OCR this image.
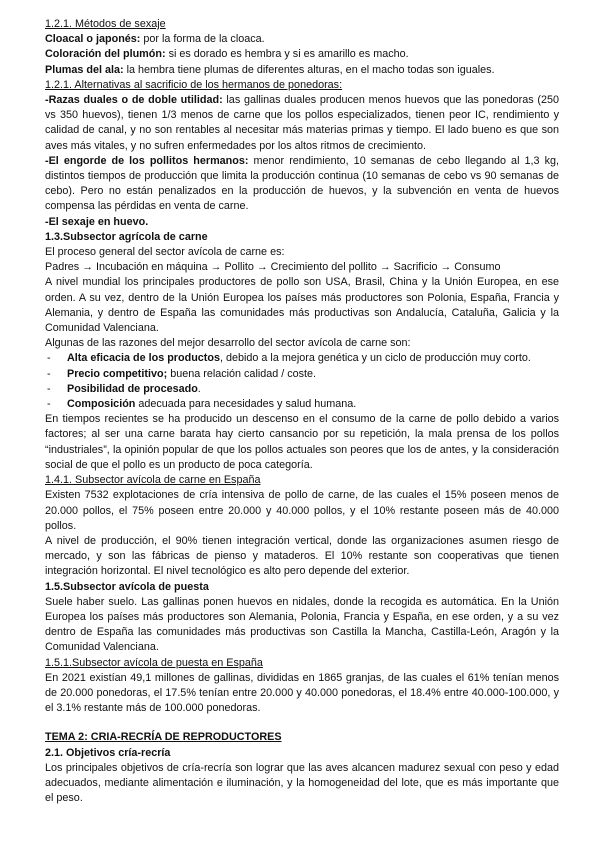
1.2.1. Métodos de sexaje

Cloacal o japonés: por la forma de la cloaca.

Coloración del plumón: si es dorado es hembra y si es amarillo es macho.

Plumas del ala: la hembra tiene plumas de diferentes alturas, en el macho todas son iguales.

1.2.1. Alternativas al sacrificio de los hermanos de ponedoras:

-Razas duales o de doble utilidad: las gallinas duales producen menos huevos que las ponedoras (250 vs 350 huevos), tienen 1/3 menos de carne que los pollos especializados, tienen peor IC, rendimiento y calidad de canal, y no son rentables al necesitar más materias primas y tiempo. El lado bueno es que son aves más vitales, y no sufren enfermedades por los altos ritmos de crecimiento.

-El engorde de los pollitos hermanos: menor rendimiento, 10 semanas de cebo llegando al 1,3 kg, distintos tiempos de producción que limita la producción continua (10 semanas de cebo vs 90 semanas de cebo). Pero no están penalizados en la producción de huevos, y la subvención en venta de huevos compensa las pérdidas en venta de carne.

-El sexaje en huevo.

1.3.Subsector agrícola de carne

El proceso general del sector avícola de carne es:

Padres → Incubación en máquina → Pollito → Crecimiento del pollito → Sacrificio → Consumo

A nivel mundial los principales productores de pollo son USA, Brasil, China y la Unión Europea, en ese orden. A su vez, dentro de la Unión Europea los países más productores son Polonia, España, Francia y Alemania, y dentro de España las comunidades más productivas son Andalucía, Cataluña, Galicia y la Comunidad Valenciana.

Algunas de las razones del mejor desarrollo del sector avícola de carne son:

- Alta eficacia de los productos, debido a la mejora genética y un ciclo de producción muy corto.

- Precio competitivo; buena relación calidad / coste.

- Posibilidad de procesado.

- Composición adecuada para necesidades y salud humana.

En tiempos recientes se ha producido un descenso en el consumo de la carne de pollo debido a varios factores; al ser una carne barata hay cierto cansancio por su repetición, la mala prensa de los pollos “industriales”, la opinión popular de que los pollos actuales son peores que los de antes, y la consideración social de que el pollo es un producto de poca categoría.

1.4.1. Subsector avícola de carne en España

Existen 7532 explotaciones de cría intensiva de pollo de carne, de las cuales el 15% poseen menos de 20.000 pollos, el 75% poseen entre 20.000 y 40.000 pollos, y el 10% restante poseen más de 40.000 pollos.

A nivel de producción, el 90% tienen integración vertical, donde las organizaciones asumen riesgo de mercado, y son las fábricas de pienso y mataderos. El 10% restante son cooperativas que tienen integración horizontal. El nivel tecnológico es alto pero depende del exterior.

1.5.Subsector avícola de puesta

Suele haber suelo. Las gallinas ponen huevos en nidales, donde la recogida es automática. En la Unión Europea los países más productores son Alemania, Polonia, Francia y España, en ese orden, y a su vez dentro de España las comunidades más productivas son Castilla la Mancha, Castilla-León, Aragón y la Comunidad Valenciana.

1.5.1.Subsector avícola de puesta en España

En 2021 existían 49,1 millones de gallinas, divididas en 1865 granjas, de las cuales el 61% tenían menos de 20.000 ponedoras, el 17.5% tenían entre 20.000 y 40.000 ponedoras, el 18.4% entre 40.000-100.000, y el 3.1% restante más de 100.000 ponedoras.

TEMA 2: CRIA-RECRÍA DE REPRODUCTORES

2.1. Objetivos cría-recría

Los principales objetivos de cría-recría son lograr que las aves alcancen madurez sexual con peso y edad adecuados, mediante alimentación e iluminación, y la homogeneidad del lote, que es más importante que el peso.
